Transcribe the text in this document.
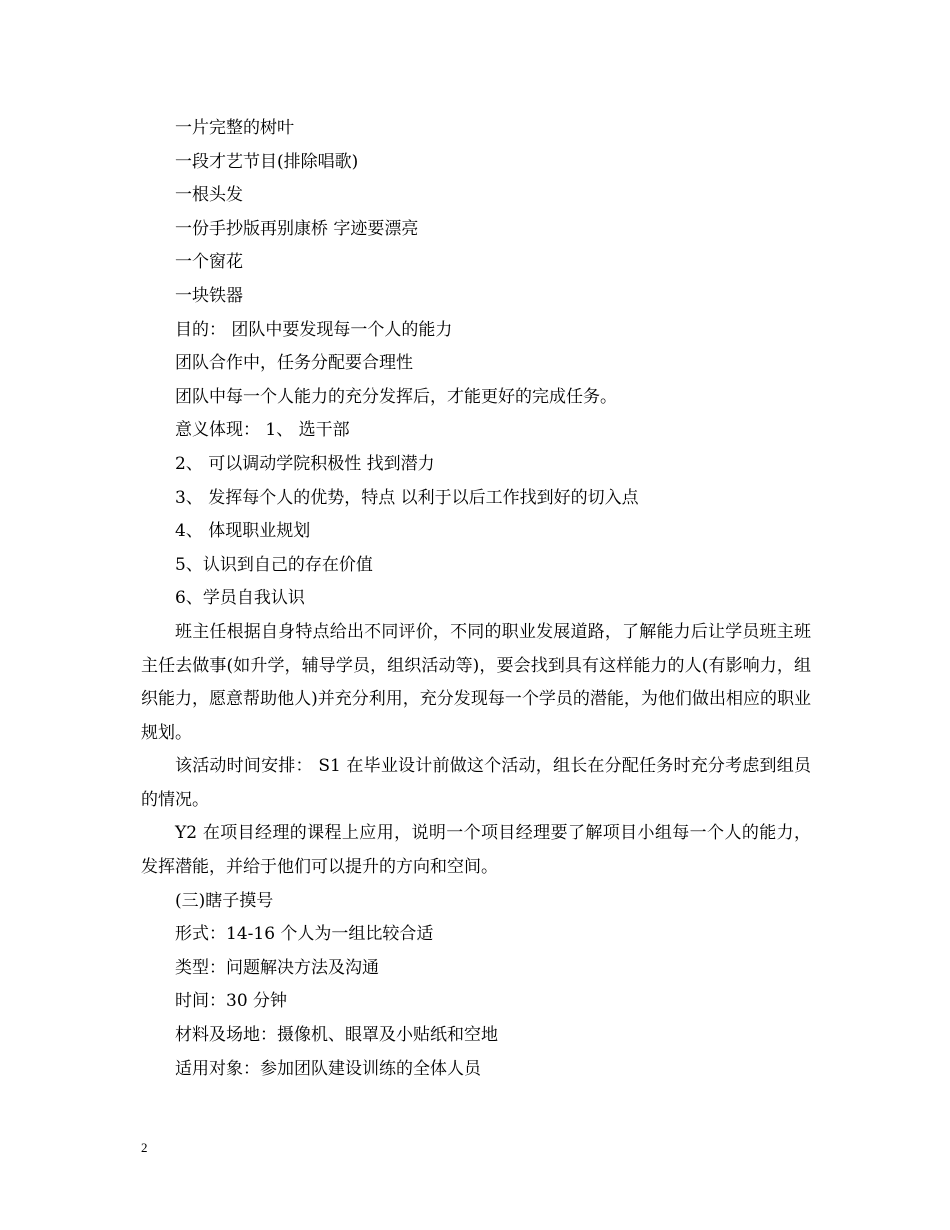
一片完整的树叶
一段才艺节目(排除唱歌)
一根头发
一份手抄版再别康桥 字迹要漂亮
一个窗花
一块铁器
目的： 团队中要发现每一个人的能力
团队合作中，任务分配要合理性
团队中每一个人能力的充分发挥后，才能更好的完成任务。
意义体现： 1、 选干部
2、 可以调动学院积极性 找到潜力
3、 发挥每个人的优势，特点 以利于以后工作找到好的切入点
4、 体现职业规划
5、认识到自己的存在价值
6、学员自我认识
班主任根据自身特点给出不同评价，不同的职业发展道路，了解能力后让学员班主班主任去做事(如升学，辅导学员，组织活动等)，要会找到具有这样能力的人(有影响力，组织能力，愿意帮助他人)并充分利用，充分发现每一个学员的潜能，为他们做出相应的职业规划。
该活动时间安排： S1 在毕业设计前做这个活动，组长在分配任务时充分考虑到组员的情况。
Y2 在项目经理的课程上应用，说明一个项目经理要了解项目小组每一个人的能力，发挥潜能，并给于他们可以提升的方向和空间。
(三)瞎子摸号
形式：14-16 个人为一组比较合适
类型：问题解决方法及沟通
时间：30 分钟
材料及场地：摄像机、眼罩及小贴纸和空地
适用对象：参加团队建设训练的全体人员
2
